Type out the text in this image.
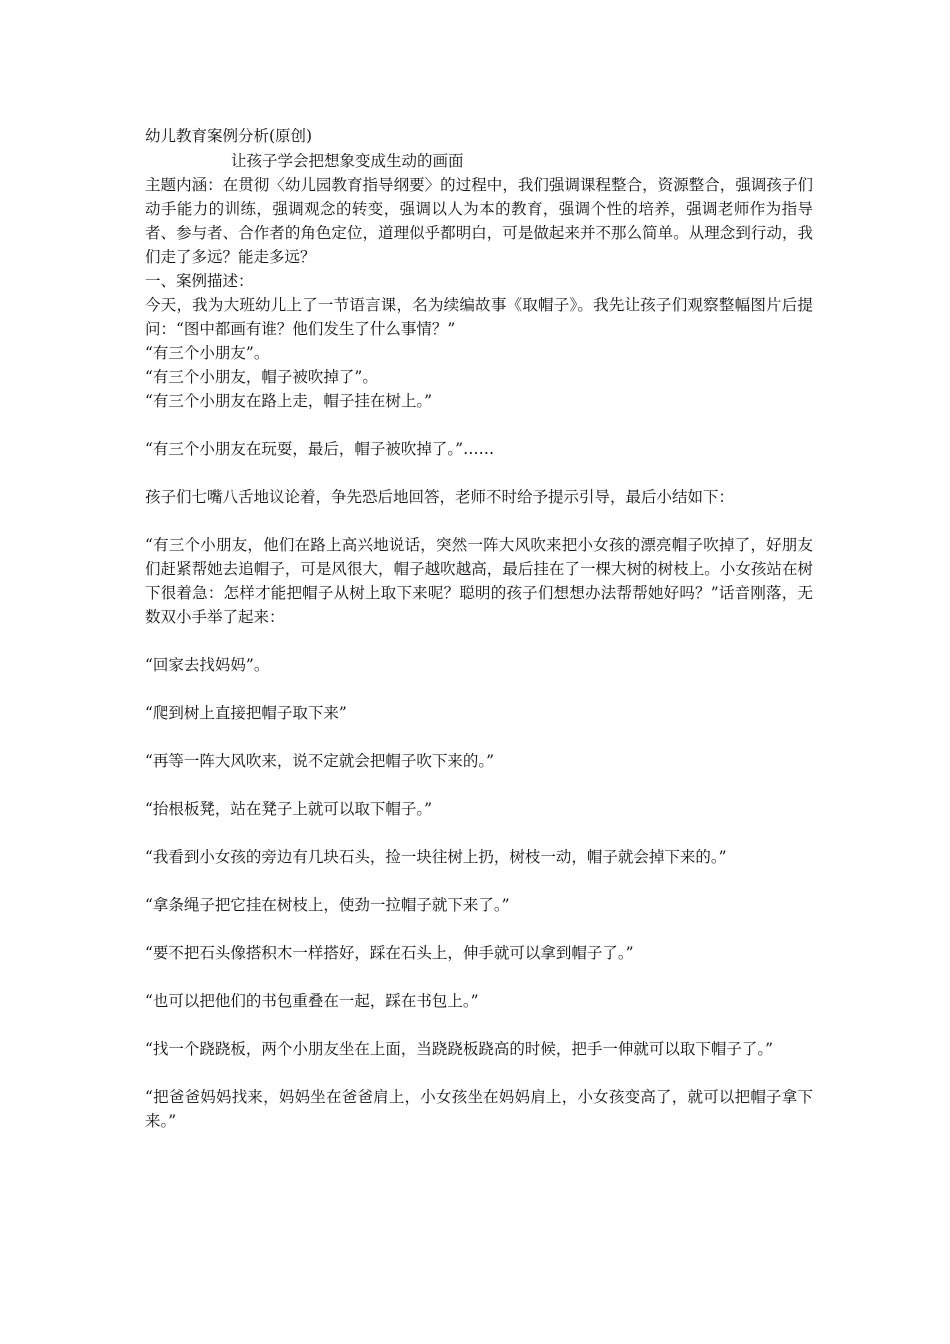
幼儿教育案例分析(原创)

让孩子学会把想象变成生动的画面

主题内涵：在贯彻〈幼儿园教育指导纲要〉的过程中，我们强调课程整合，资源整合，强调孩子们动手能力的训练，强调观念的转变，强调以人为本的教育，强调个性的培养，强调老师作为指导者、参与者、合作者的角色定位，道理似乎都明白，可是做起来并不那么简单。从理念到行动，我们走了多远？能走多远？

一、案例描述：

今天，我为大班幼儿上了一节语言课，名为续编故事《取帽子》。我先让孩子们观察整幅图片后提问：“图中都画有谁？他们发生了什么事情？”

“有三个小朋友”。

“有三个小朋友，帽子被吹掉了”。

“有三个小朋友在路上走，帽子挂在树上。”

“有三个小朋友在玩耍，最后，帽子被吹掉了。”……

孩子们七嘴八舌地议论着，争先恐后地回答，老师不时给予提示引导，最后小结如下：

“有三个小朋友，他们在路上高兴地说话，突然一阵大风吹来把小女孩的漂亮帽子吹掉了，好朋友们赶紧帮她去追帽子，可是风很大，帽子越吹越高，最后挂在了一棵大树的树枝上。小女孩站在树下很着急：怎样才能把帽子从树上取下来呢？聪明的孩子们想想办法帮帮她好吗？”话音刚落，无数双小手举了起来：

“回家去找妈妈”。

“爬到树上直接把帽子取下来”

“再等一阵大风吹来，说不定就会把帽子吹下来的。”

“抬根板凳，站在凳子上就可以取下帽子。”

“我看到小女孩的旁边有几块石头，捡一块往树上扔，树枝一动，帽子就会掉下来的。”

“拿条绳子把它挂在树枝上，使劲一拉帽子就下来了。”

“要不把石头像搭积木一样搭好，踩在石头上，伸手就可以拿到帽子了。”

“也可以把他们的书包重叠在一起，踩在书包上。”

“找一个跷跷板，两个小朋友坐在上面，当跷跷板跷高的时候，把手一伸就可以取下帽子了。”

“把爸爸妈妈找来，妈妈坐在爸爸肩上，小女孩坐在妈妈肩上，小女孩变高了，就可以把帽子拿下来。”
